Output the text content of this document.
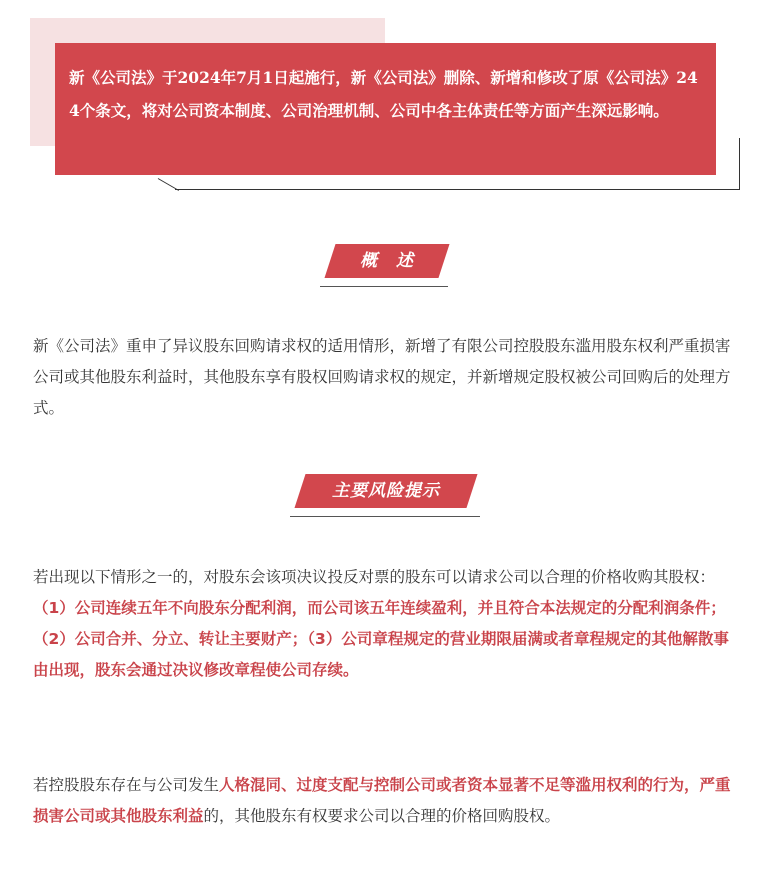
新《公司法》于2024年7月1日起施行，新《公司法》删除、新增和修改了原《公司法》244个条文，将对公司资本制度、公司治理机制、公司中各主体责任等方面产生深远影响。
概　述
新《公司法》重申了异议股东回购请求权的适用情形，新增了有限公司控股股东滥用股东权利严重损害公司或其他股东利益时，其他股东享有股权回购请求权的规定，并新增规定股权被公司回购后的处理方式。
主要风险提示
若出现以下情形之一的，对股东会该项决议投反对票的股东可以请求公司以合理的价格收购其股权：（1）公司连续五年不向股东分配利润，而公司该五年连续盈利，并且符合本法规定的分配利润条件；（2）公司合并、分立、转让主要财产；（3）公司章程规定的营业期限届满或者章程规定的其他解散事由出现，股东会通过决议修改章程使公司存续。
若控股股东存在与公司发生人格混同、过度支配与控制公司或者资本显著不足等滥用权利的行为，严重损害公司或其他股东利益的，其他股东有权要求公司以合理的价格回购股权。
